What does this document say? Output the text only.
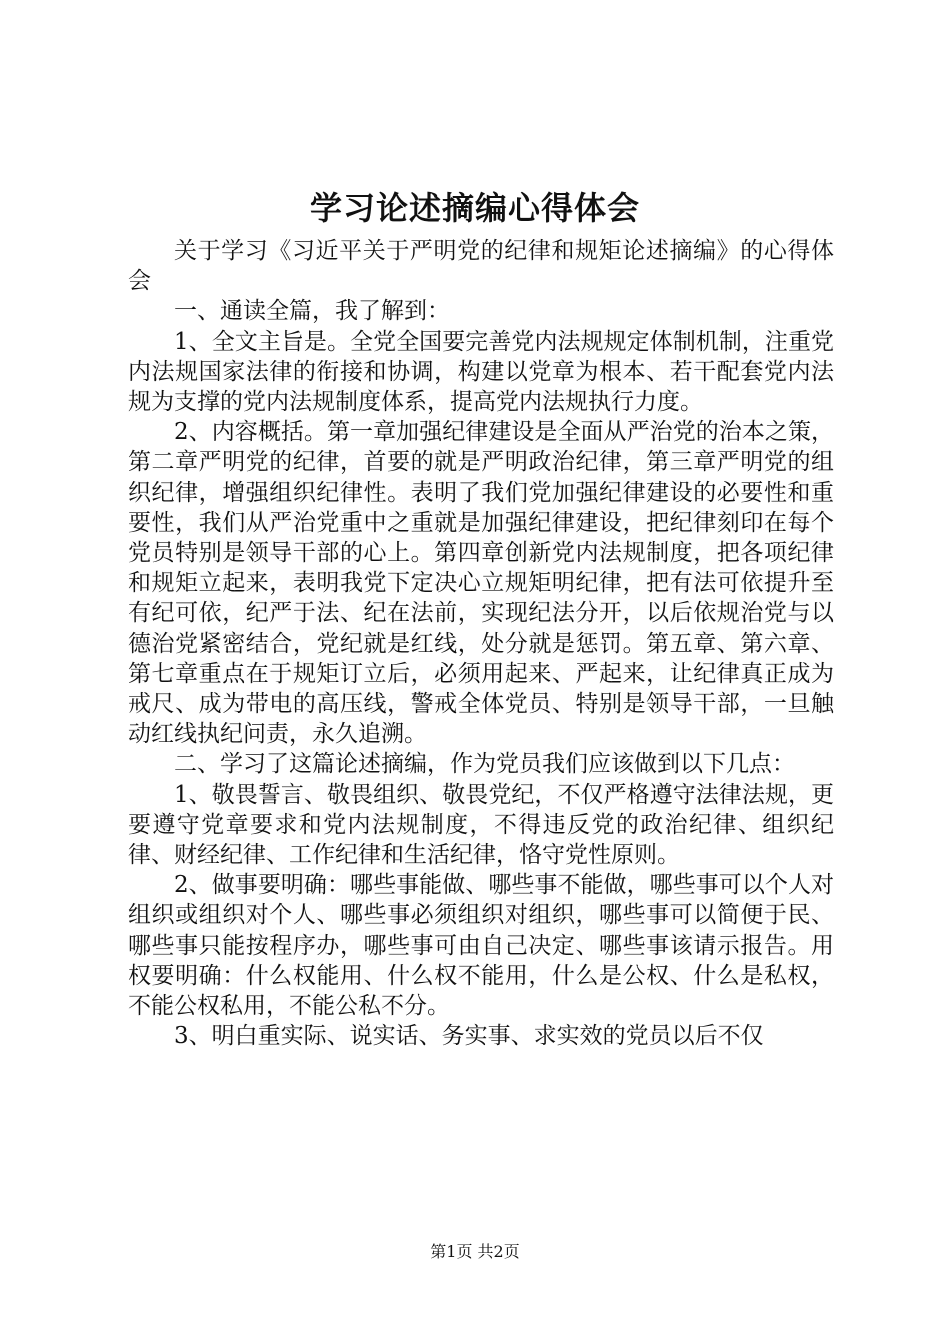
学习论述摘编心得体会

关于学习《习近平关于严明党的纪律和规矩论述摘编》的心得体会

一、通读全篇，我了解到：

1、全文主旨是。全党全国要完善党内法规规定体制机制，注重党内法规国家法律的衔接和协调，构建以党章为根本、若干配套党内法规为支撑的党内法规制度体系，提高党内法规执行力度。

2、内容概括。第一章加强纪律建设是全面从严治党的治本之策，第二章严明党的纪律，首要的就是严明政治纪律，第三章严明党的组织纪律，增强组织纪律性。表明了我们党加强纪律建设的必要性和重要性，我们从严治党重中之重就是加强纪律建设，把纪律刻印在每个党员特别是领导干部的心上。第四章创新党内法规制度，把各项纪律和规矩立起来，表明我党下定决心立规矩明纪律，把有法可依提升至有纪可依，纪严于法、纪在法前，实现纪法分开，以后依规治党与以德治党紧密结合，党纪就是红线，处分就是惩罚。第五章、第六章、第七章重点在于规矩订立后，必须用起来、严起来，让纪律真正成为戒尺、成为带电的高压线，警戒全体党员、特别是领导干部，一旦触动红线执纪问责，永久追溯。

二、学习了这篇论述摘编，作为党员我们应该做到以下几点：

1、敬畏誓言、敬畏组织、敬畏党纪，不仅严格遵守法律法规，更要遵守党章要求和党内法规制度，不得违反党的政治纪律、组织纪律、财经纪律、工作纪律和生活纪律，恪守党性原则。

2、做事要明确：哪些事能做、哪些事不能做，哪些事可以个人对组织或组织对个人、哪些事必须组织对组织，哪些事可以简便于民、哪些事只能按程序办，哪些事可由自己决定、哪些事该请示报告。用权要明确：什么权能用、什么权不能用，什么是公权、什么是私权，不能公权私用，不能公私不分。

3、明白重实际、说实话、务实事、求实效的党员以后不仅

第1页 共2页
